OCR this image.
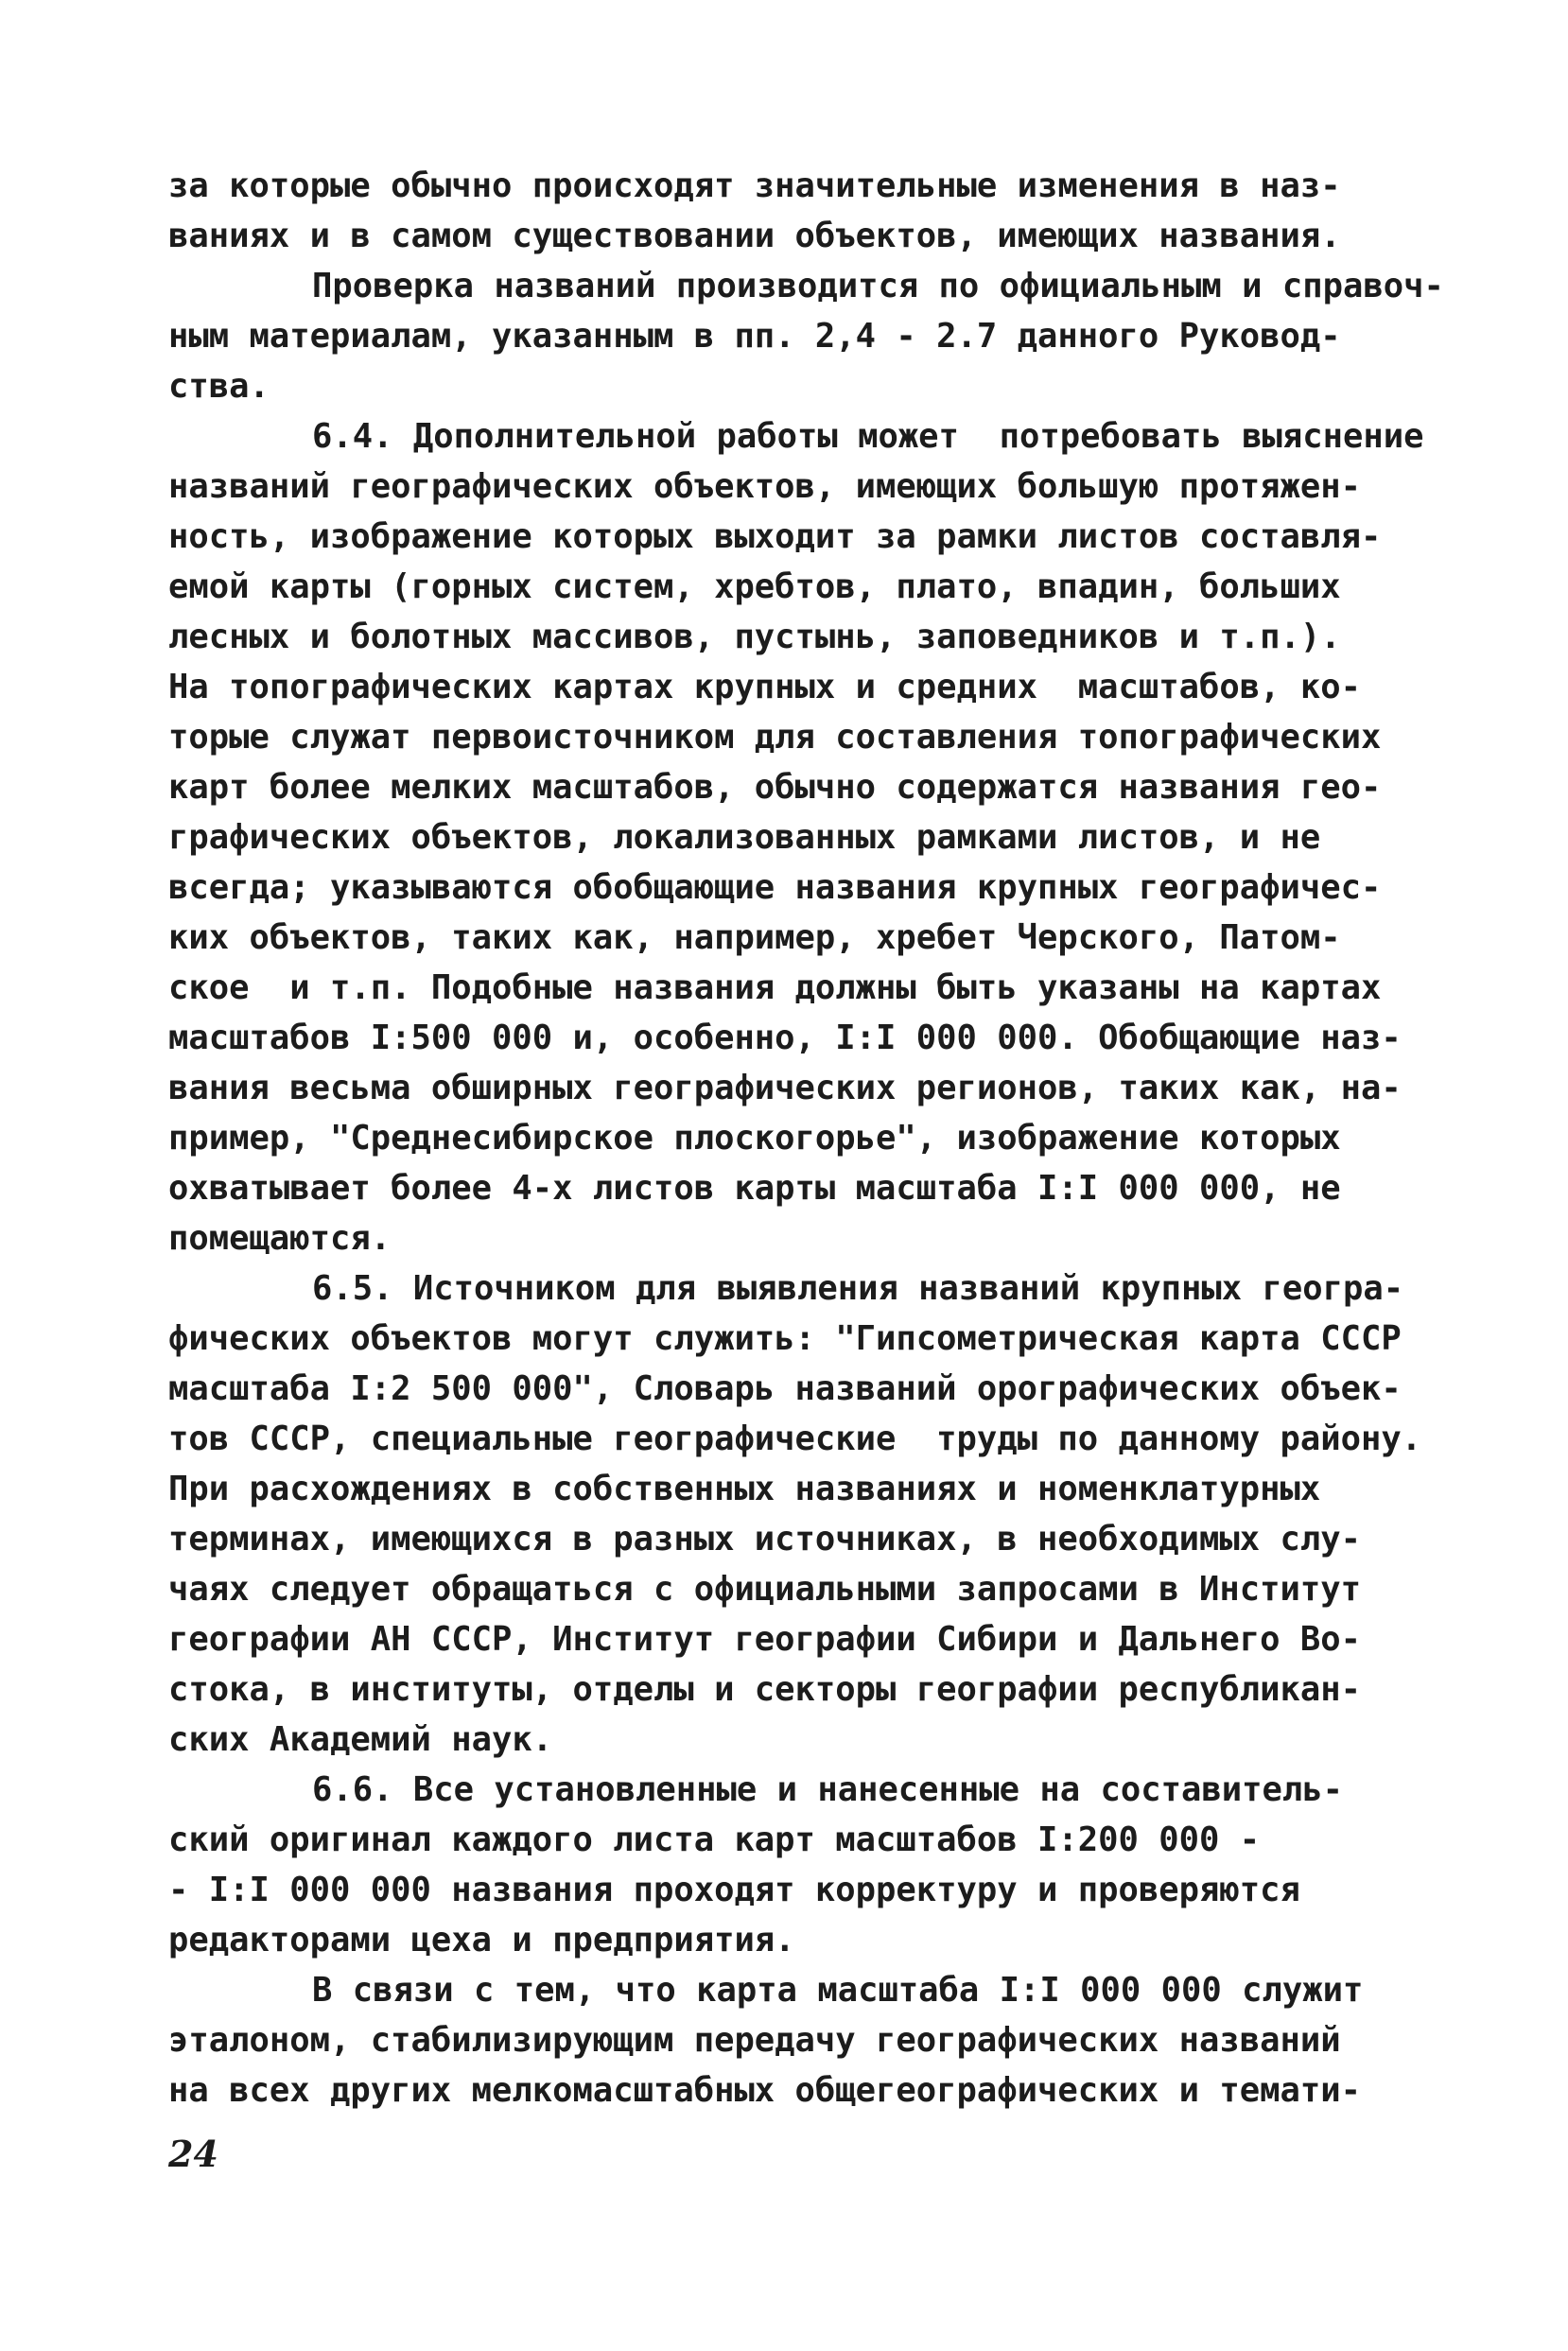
за которые обычно происходят значительные изменения в наз-
ваниях и в самом существовании объектов, имеющих названия.
Проверка названий производится по официальным и справоч-
ным материалам, указанным в пп. 2,4 - 2.7 данного Руковод-
ства.
6.4. Дополнительной работы может  потребовать выяснение
названий географических объектов, имеющих большую протяжен-
ность, изображение которых выходит за рамки листов составля-
емой карты (горных систем, хребтов, плато, впадин, больших
лесных и болотных массивов, пустынь, заповедников и т.п.).
На топографических картах крупных и средних  масштабов, ко-
торые служат первоисточником для составления топографических
карт более мелких масштабов, обычно содержатся названия гео-
графических объектов, локализованных рамками листов, и не
всегда; указываются обобщающие названия крупных географичес-
ких объектов, таких как, например, хребет Черского, Патом-
ское  и т.п. Подобные названия должны быть указаны на картах
масштабов I:500 000 и, особенно, I:I 000 000. Обобщающие наз-
вания весьма обширных географических регионов, таких как, на-
пример, "Среднесибирское плоскогорье", изображение которых
охватывает более 4-х листов карты масштаба I:I 000 000, не
помещаются.
6.5. Источником для выявления названий крупных геогра-
фических объектов могут служить: "Гипсометрическая карта СССР
масштаба I:2 500 000", Словарь названий орографических объек-
тов СССР, специальные географические  труды по данному району.
При расхождениях в собственных названиях и номенклатурных
терминах, имеющихся в разных источниках, в необходимых слу-
чаях следует обращаться с официальными запросами в Институт
географии АН СССР, Институт географии Сибири и Дальнего Во-
стока, в институты, отделы и секторы географии республикан-
ских Академий наук.
6.6. Все установленные и нанесенные на составитель-
ский оригинал каждого листа карт масштабов I:200 000 -
- I:I 000 000 названия проходят корректуру и проверяются
редакторами цеха и предприятия.
В связи с тем, что карта масштаба I:I 000 000 служит
эталоном, стабилизирующим передачу географических названий
на всех других мелкомасштабных общегеографических и темати-
24
